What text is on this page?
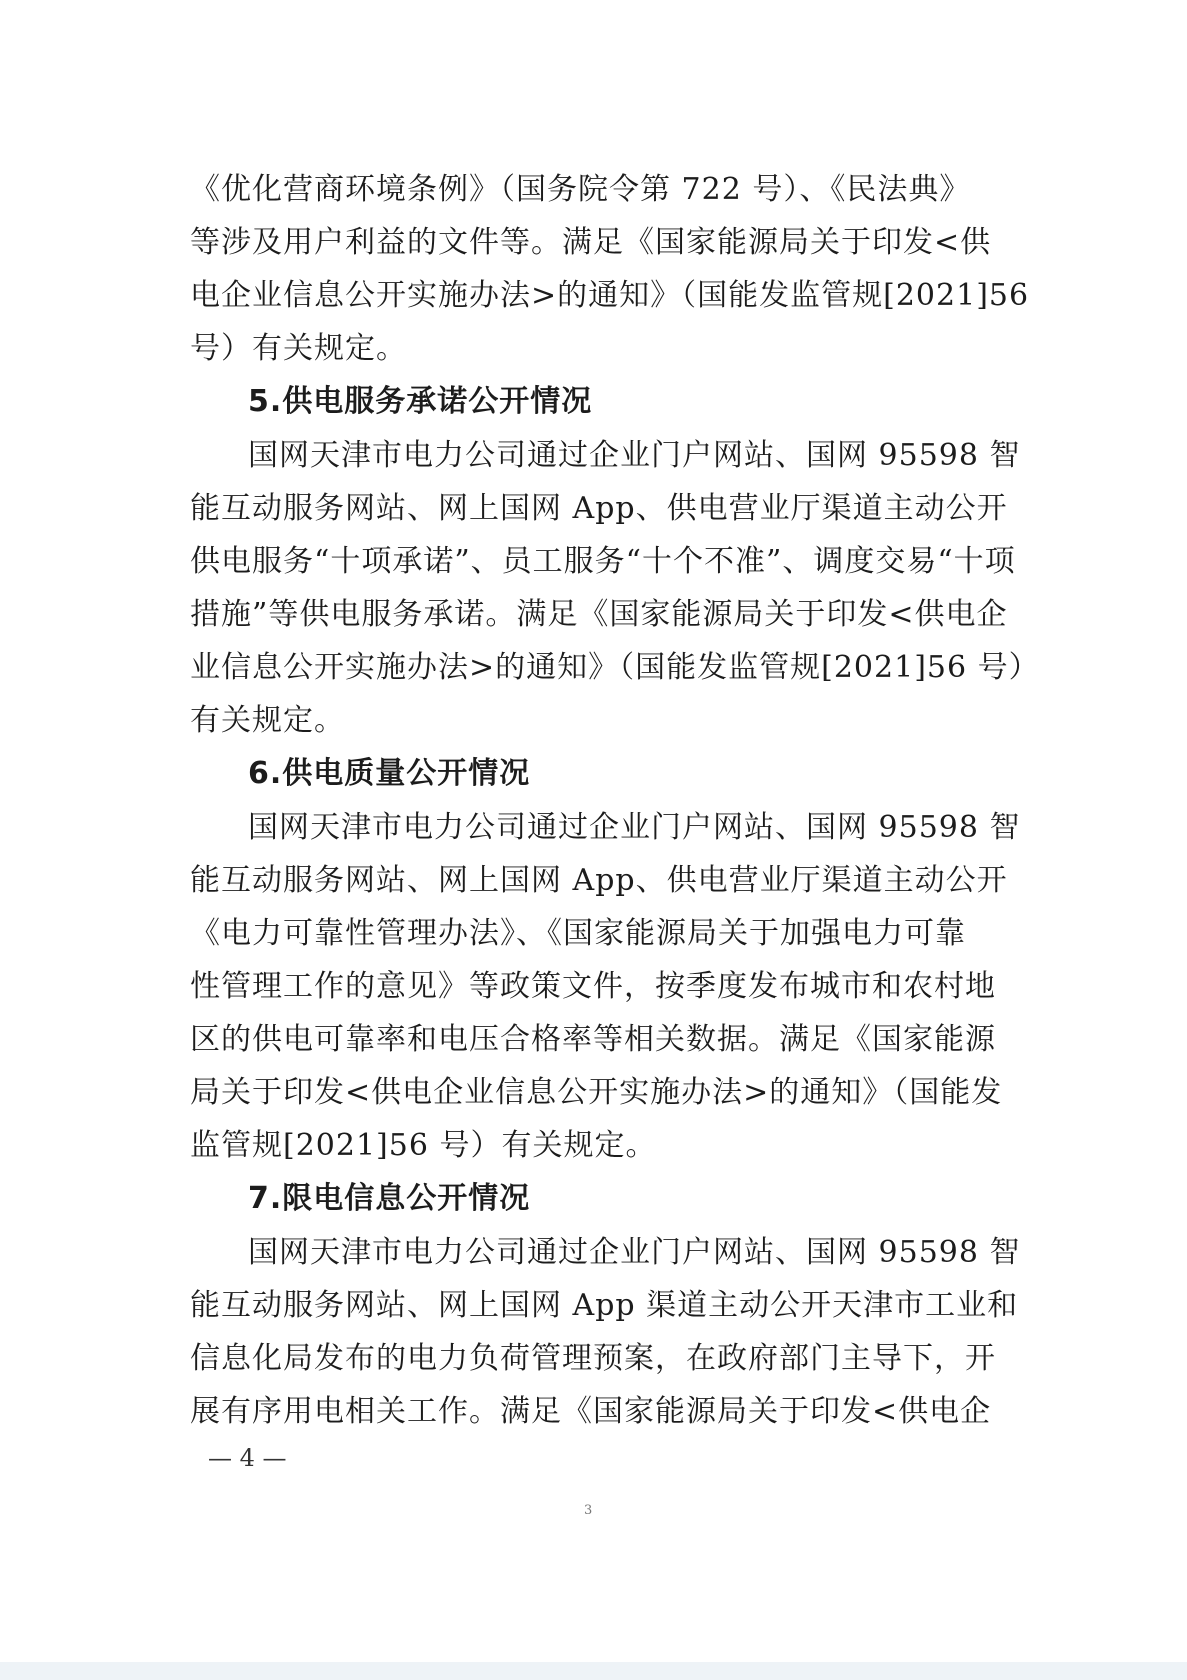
《优化营商环境条例》（国务院令第 722 号）、《民法典》
等涉及用户利益的文件等。满足《国家能源局关于印发<供
电企业信息公开实施办法>的通知》（国能发监管规[2021]56
号）有关规定。
5.供电服务承诺公开情况
国网天津市电力公司通过企业门户网站、国网 95598 智
能互动服务网站、网上国网 App、供电营业厅渠道主动公开
供电服务“十项承诺”、员工服务“十个不准”、调度交易“十项
措施”等供电服务承诺。满足《国家能源局关于印发<供电企
业信息公开实施办法>的通知》（国能发监管规[2021]56 号）
有关规定。
6.供电质量公开情况
国网天津市电力公司通过企业门户网站、国网 95598 智
能互动服务网站、网上国网 App、供电营业厅渠道主动公开
《电力可靠性管理办法》、《国家能源局关于加强电力可靠
性管理工作的意见》等政策文件，按季度发布城市和农村地
区的供电可靠率和电压合格率等相关数据。满足《国家能源
局关于印发<供电企业信息公开实施办法>的通知》（国能发
监管规[2021]56 号）有关规定。
7.限电信息公开情况
国网天津市电力公司通过企业门户网站、国网 95598 智
能互动服务网站、网上国网 App 渠道主动公开天津市工业和
信息化局发布的电力负荷管理预案，在政府部门主导下，开
展有序用电相关工作。满足《国家能源局关于印发<供电企
— 4 —
3
